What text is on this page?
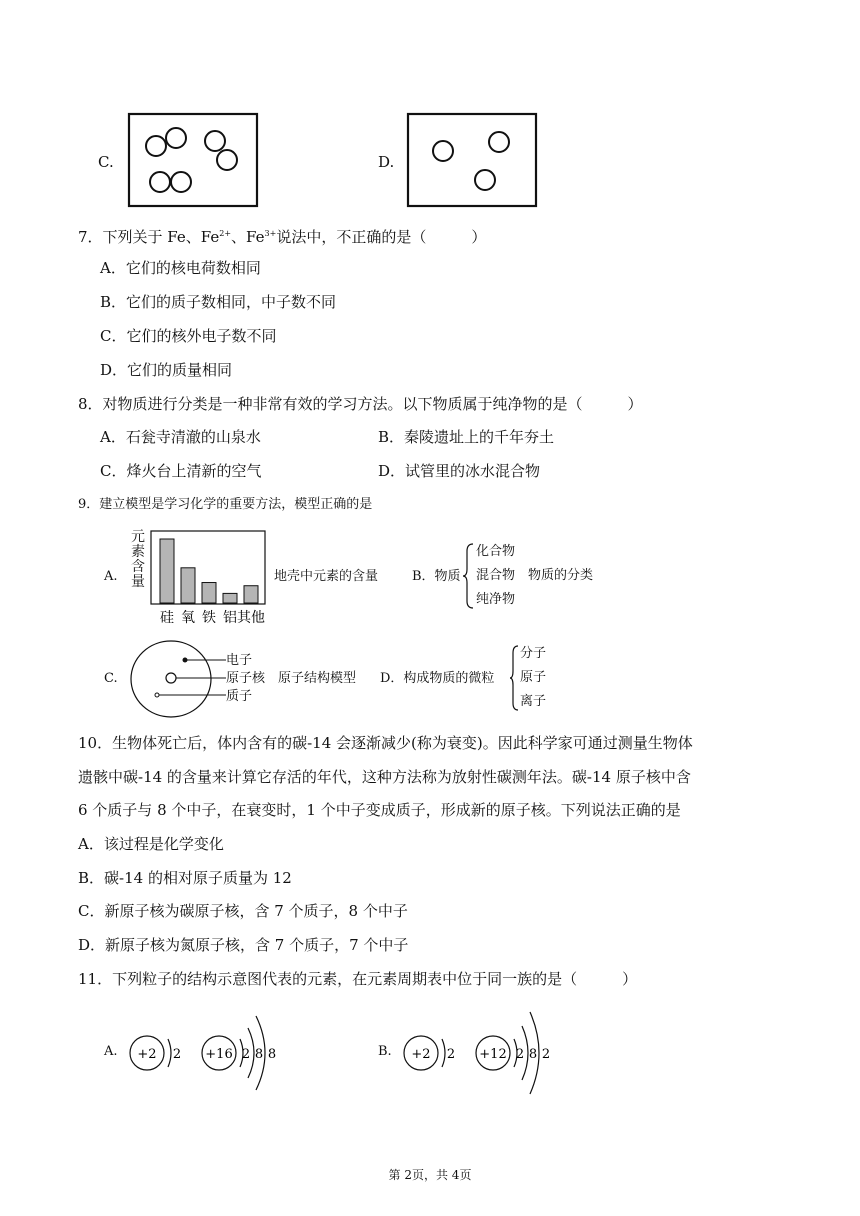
C.	D.
7．下列关于 Fe、$Fe^{2+}$、$Fe^{3+}$说法中，不正确的是（　　　）
A．它们的核电荷数相同
B．它们的质子数相同，中子数不同
C．它们的核外电子数不同
D．它们的质量相同
8．对物质进行分类是一种非常有效的学习方法。以下物质属于纯净物的是（　　　）
A．石瓮寺清澈的山泉水	B．秦陵遗址上的千年夯土
C．烽火台上清新的空气	D．试管里的冰水混合物
9．建立模型是学习化学的重要方法，模型正确的是
A.
元素含量
硅 氧 铁 铝 其他
地壳中元素的含量	B．物质
化合物
混合物
纯净物
物质的分类
C.
电子
原子核
质子
原子结构模型 D．构成物质的微粒
分子
原子
离子
10．生物体死亡后，体内含有的碳-14 会逐渐减少(称为衰变)。因此科学家可通过测量生物体
遗骸中碳-14 的含量来计算它存活的年代，这种方法称为放射性碳测年法。碳-14 原子核中含
6 个质子与 8 个中子，在衰变时，1 个中子变成质子，形成新的原子核。下列说法正确的是
A．该过程是化学变化
B．碳-14 的相对原子质量为 12
C．新原子核为碳原子核，含 7 个质子，8 个中子
D．新原子核为氮原子核，含 7 个质子，7 个中子
11．下列粒子的结构示意图代表的元素，在元素周期表中位于同一族的是（　　　）
A. +2 2 +16 2 8 8	B. +2 2 +12 2 8 2
第 2页，共 4页
